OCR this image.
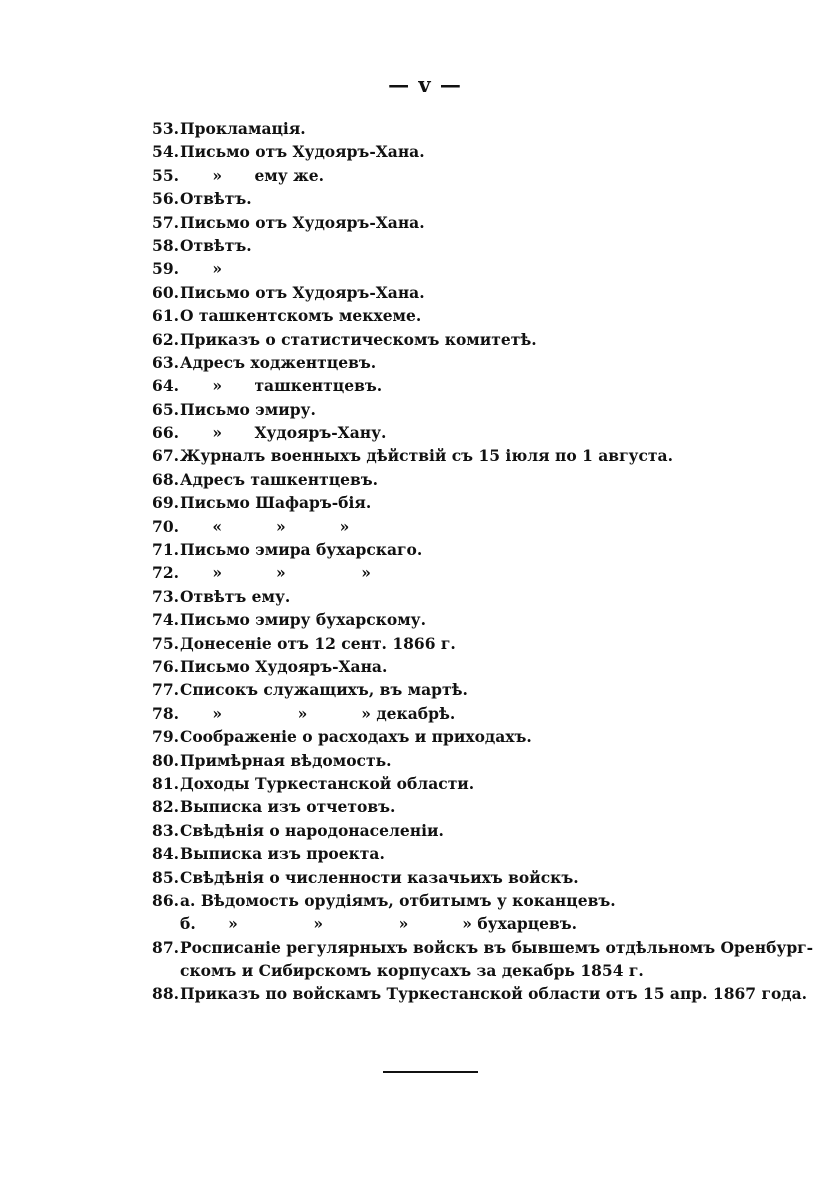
— v —
53. Прокламація.
54. Письмо отъ Худояръ-Хана.
55. »      ему же.
56. Отвѣтъ.
57. Письмо отъ Худояръ-Хана.
58. Отвѣтъ.
59. »
60. Письмо отъ Худояръ-Хана.
61. О ташкентскомъ мекхеме.
62. Приказъ о статистическомъ комитетѣ.
63. Адресъ ходжентцевъ.
64. »      ташкентцевъ.
65. Письмо эмиру.
66. »      Худояръ-Хану.
67. Журналъ военныхъ дѣйствій съ 15 іюля по 1 августа.
68. Адресъ ташкентцевъ.
69. Письмо Шафаръ-бія.
70. «          »          »
71. Письмо эмира бухарскаго.
72. »          »              »
73. Отвѣтъ ему.
74. Письмо эмиру бухарскому.
75. Донесеніе отъ 12 сент. 1866 г.
76. Письмо Худояръ-Хана.
77. Списокъ служащихъ, въ мартѣ.
78. »              »          » декабрѣ.
79. Соображеніе о расходахъ и приходахъ.
80. Примѣрная вѣдомость.
81. Доходы Туркестанской области.
82. Выписка изъ отчетовъ.
83. Свѣдѣнія о народонаселеніи.
84. Выписка изъ проекта.
85. Свѣдѣнія о численности казачьихъ войскъ.
86. а. Вѣдомость орудіямъ, отбитымъ у коканцевъ.
б.      »              »              »          » бухарцевъ.
87. Росписаніе регулярныхъ войскъ въ бывшемъ отдѣльномъ Оренбург-
скомъ и Сибирскомъ корпусахъ за декабрь 1854 г.
88. Приказъ по войскамъ Туркестанской области отъ 15 апр. 1867 года.
